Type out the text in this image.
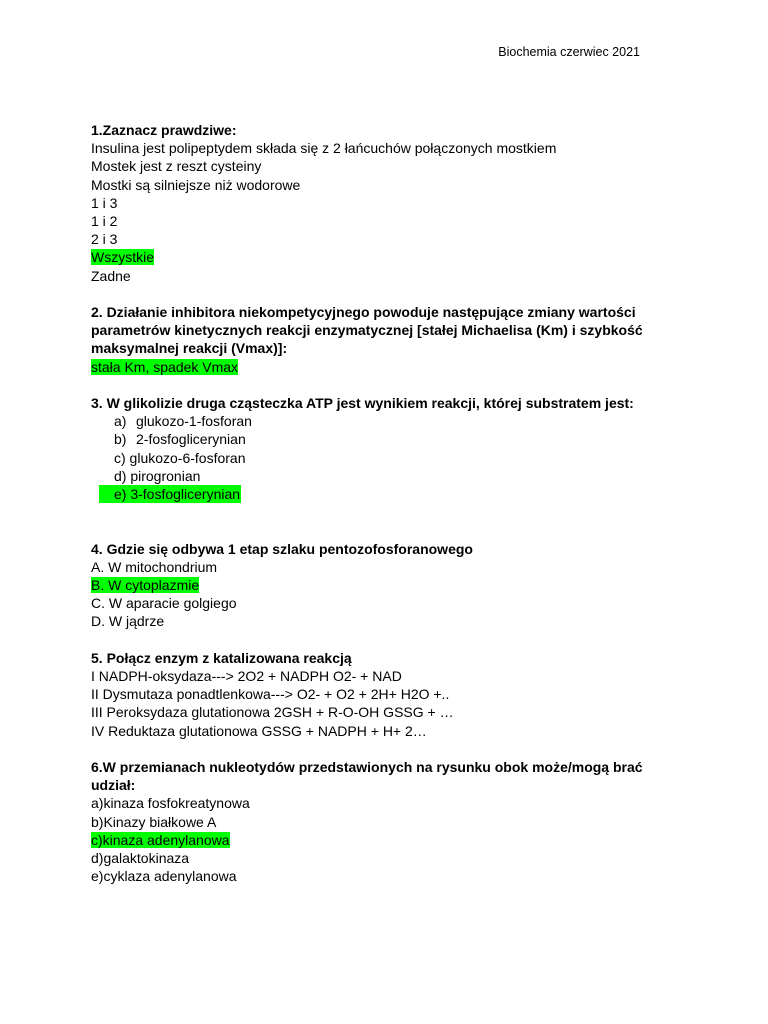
Biochemia czerwiec 2021
1.Zaznacz prawdziwe:
Insulina jest polipeptydem składa się z 2 łańcuchów połączonych mostkiem
Mostek jest z reszt cysteiny
Mostki są silniejsze niż wodorowe
1 i 3
1 i 2
2 i 3
Wszystkie
Zadne
2. Działanie inhibitora niekompetycyjnego powoduje następujące zmiany wartości
parametrów kinetycznych reakcji enzymatycznej [stałej Michaelisa (Km) i szybkość
maksymalnej reakcji (Vmax)]:
stała Km, spadek Vmax
3. W glikolizie druga cząsteczka ATP jest wynikiem reakcji, której substratem jest:
a) glukozo-1-fosforan
b) 2-fosfoglicerynian
c) glukozo-6-fosforan
d) pirogronian
e) 3-fosfoglicerynian
4. Gdzie się odbywa 1 etap szlaku pentozofosforanowego
A. W mitochondrium
B. W cytoplazmie
C. W aparacie golgiego
D. W jądrze
5. Połącz enzym z katalizowana reakcją
I NADPH-oksydaza---> 2O2 + NADPH O2- + NAD
II Dysmutaza ponadtlenkowa---> O2- + O2 + 2H+ H2O +..
III Peroksydaza glutationowa 2GSH + R-O-OH GSSG + …
IV Reduktaza glutationowa GSSG + NADPH + H+ 2…
6.W przemianach nukleotydów przedstawionych na rysunku obok może/mogą brać
udział:
a)kinaza fosfokreatynowa
b)Kinazy białkowe A
c)kinaza adenylanowa
d)galaktokinaza
e)cyklaza adenylanowa
